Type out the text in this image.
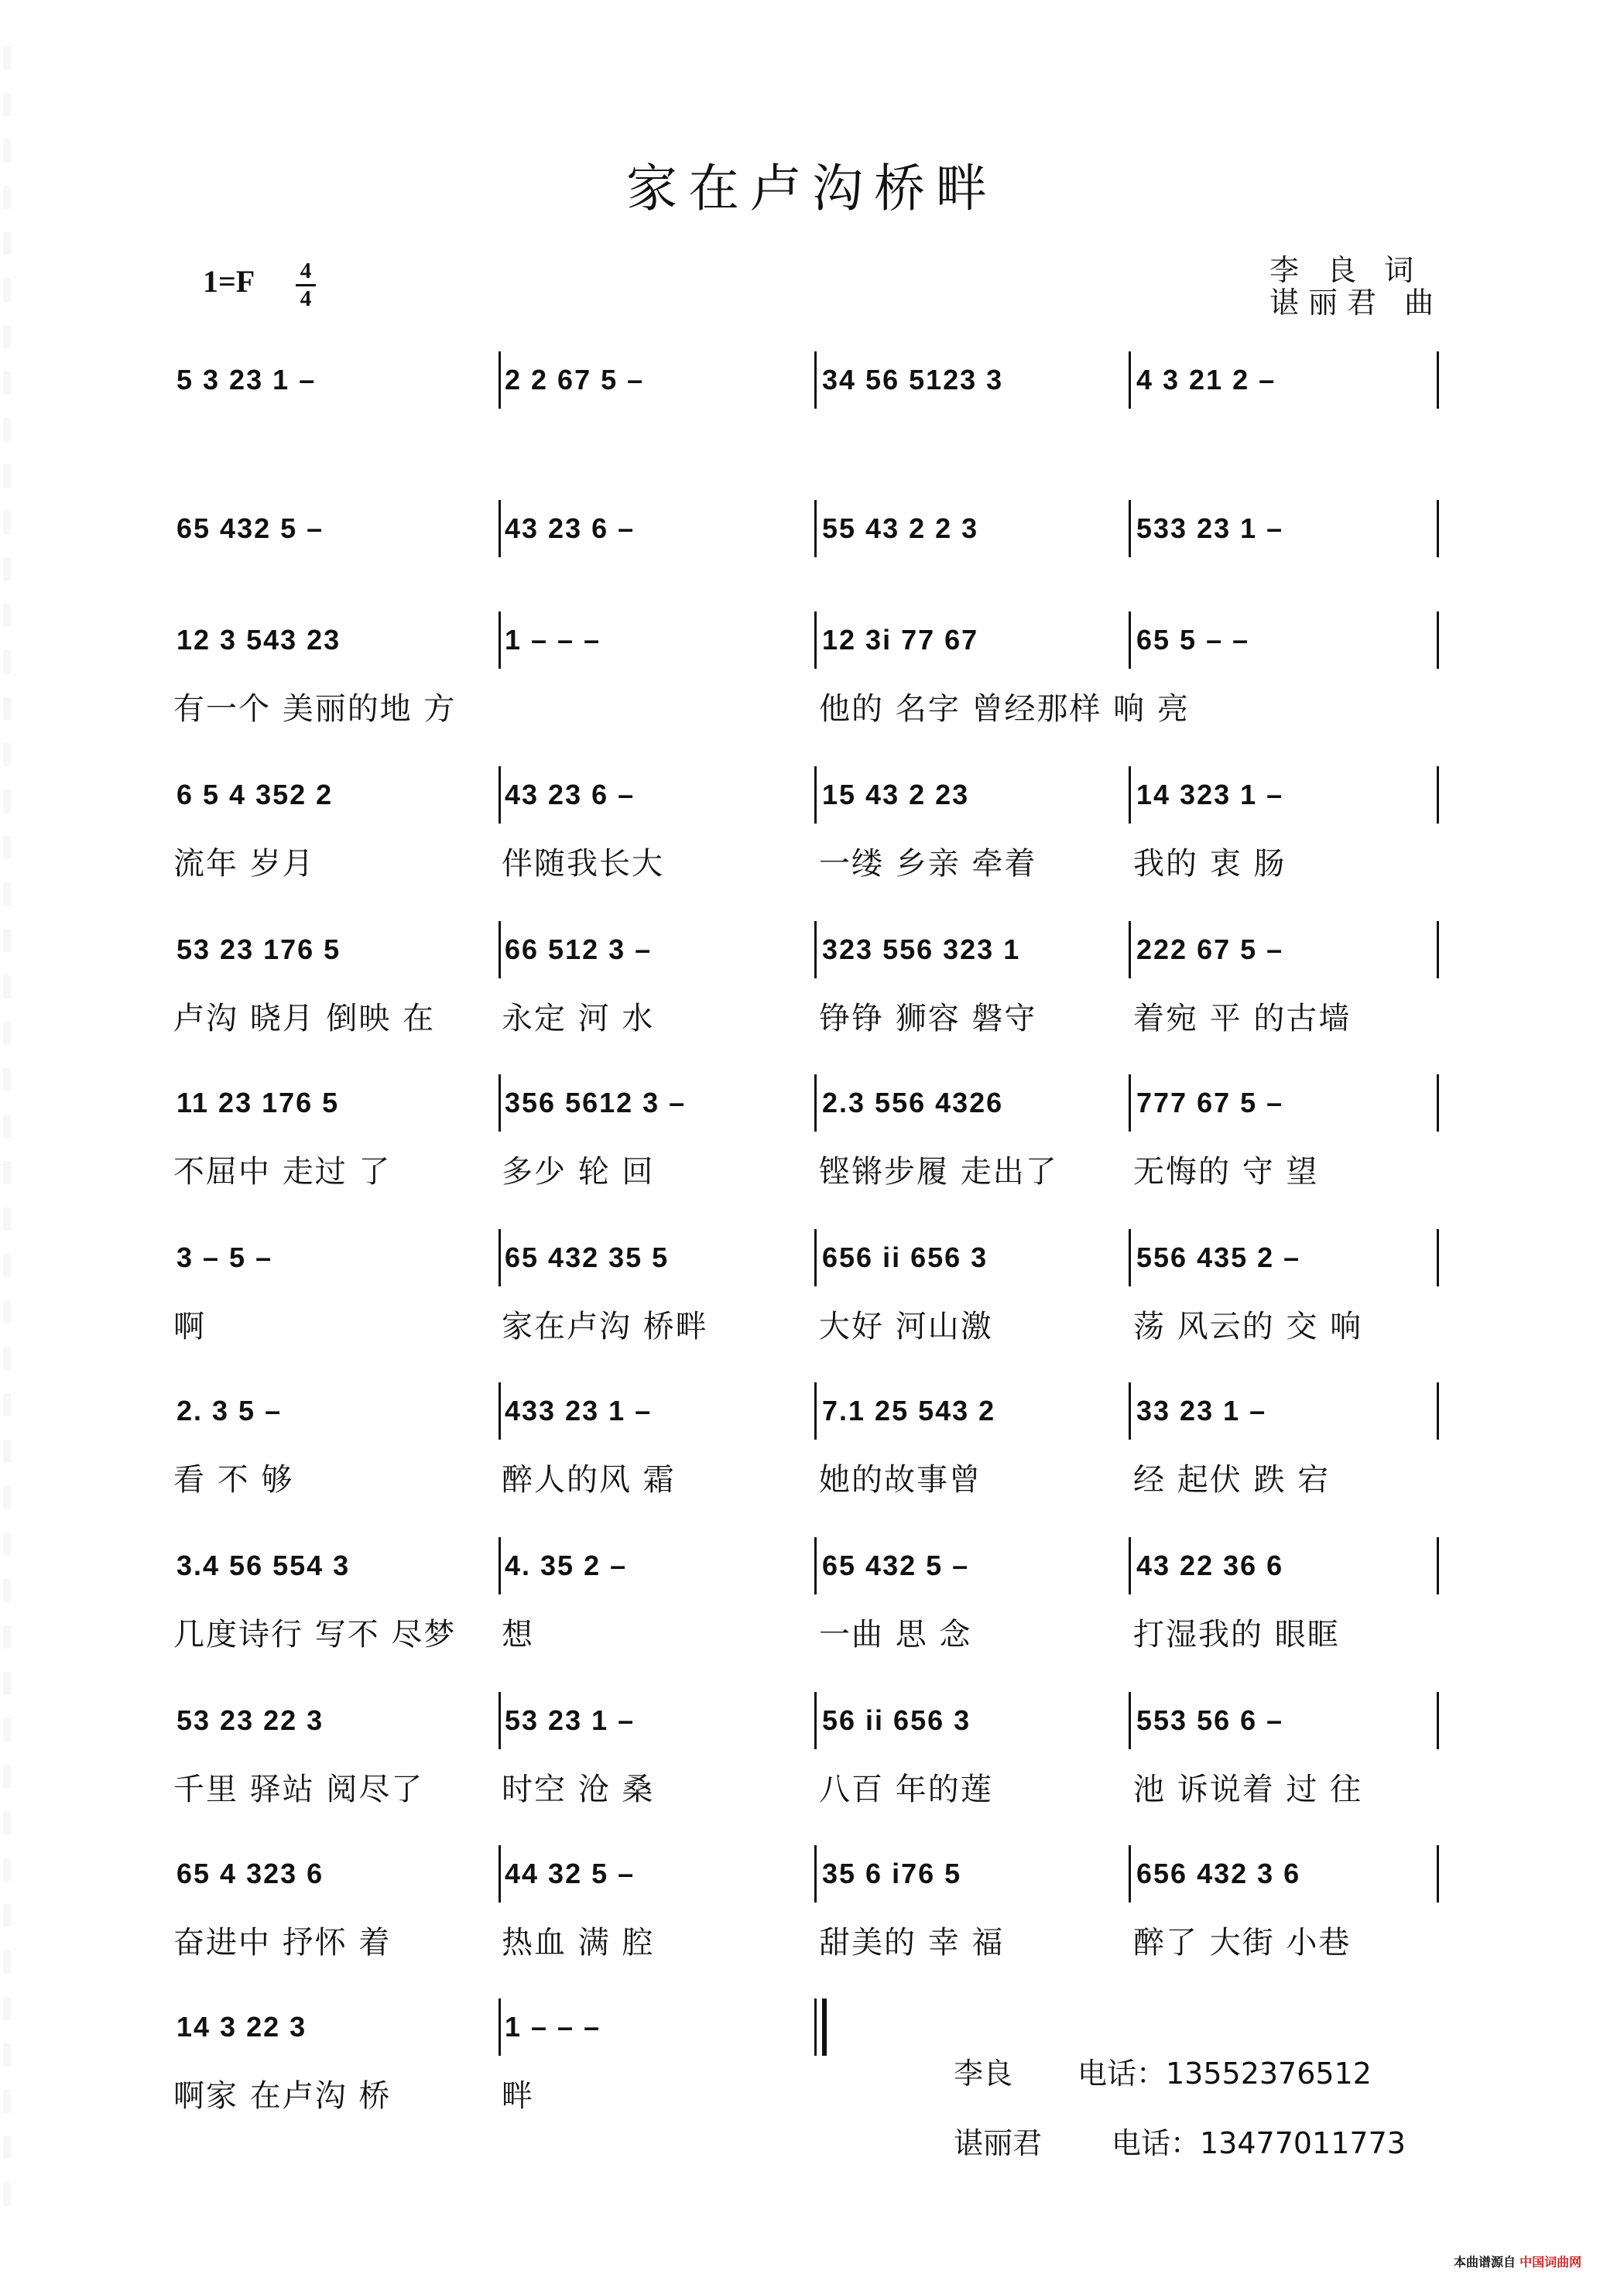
家在卢沟桥畔
1=F 4
4
李 良 词
谌丽君 曲
5 3 23 1 –	2 2 67 5 –	34 56 5123 3	4 3 21 2 –
65 432 5 –	43 23 6 –	55 43 2 2 3	533 23 1 –
12 3 543 23	1 – – –	12 3i 77 67	65 5 – –
有一个 美丽的地 方	他的 名字 曾经那样 响 亮
6 5 4 352 2	43 23 6 –	15 43 2 23	14 323 1 –
流年 岁月	伴随我长大	一缕 乡亲 牵着	我的 衷 肠
53 23 176 5	66 512 3 –	323 556 323 1	222 67 5 –
卢沟 晓月 倒映 在 永定 河 水	铮铮 狮容 磐守	着宛 平 的古墙
11 23 176 5	356 5612 3 –	2.3 556 4326	777 67 5 –
不屈中 走过 了	多少 轮 回	铿锵步履 走出了 无悔的 守 望
3 – 5 –	65 432 35 5	656 ii 656 3	556 435 2 –
啊	家在卢沟 桥畔	大好 河山激	荡 风云的 交 响
2. 3 5 –	433 23 1 –	7.1 25 543 2	33 23 1 –
看 不 够	醉人的风 霜	她的故事曾	经 起伏 跌 宕
3.4 56 554 3	4. 35 2 –	65 432 5 –	43 22 36 6
几度诗行 写不 尽梦 想	一曲 思 念	打湿我的 眼眶
53 23 22 3	53 23 1 –	56 ii 656 3	553 56 6 –
千里 驿站 阅尽了	时空 沧 桑	八百 年的莲	池 诉说着 过 往
65 4 323 6	44 32 5 –	35 6 i76 5	656 432 3 6
奋进中 抒怀 着	热血 满 腔	甜美的 幸 福	醉了 大街 小巷
14 3 22 3	1 – – –
啊家 在卢沟 桥	畔
李良 电话：13552376512
谌丽君 电话：13477011773
本曲谱源自 中国词曲网
